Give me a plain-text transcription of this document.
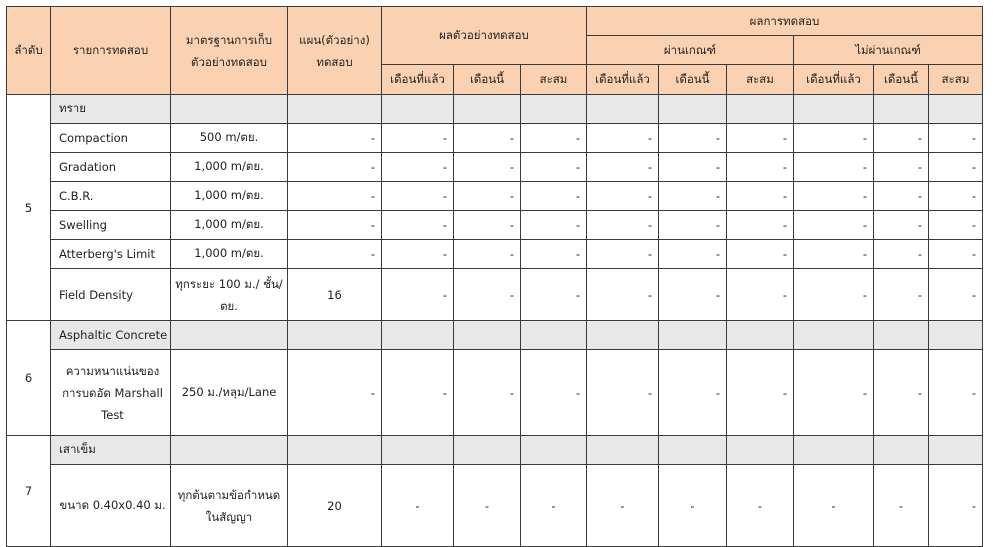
ลำดับ	รายการทดสอบ	มาตรฐานการเก็บตัวอย่างทดสอบ	แผน(ตัวอย่าง) ทดสอบ	ผลตัวอย่างทดสอบ			ผลการทดสอบ					
							ผ่านเกณฑ์			ไม่ผ่านเกณฑ์		
				เดือนที่แล้ว	เดือนนี้	สะสม	เดือนที่แล้ว	เดือนนี้	สะสม	เดือนที่แล้ว	เดือนนี้	สะสม
5	ทราย											
	Compaction	500 m/ตย.	-	-	-	-	-	-	-	-	-	-
	Gradation	1,000 m/ตย.	-	-	-	-	-	-	-	-	-	-
	C.B.R.	1,000 m/ตย.	-	-	-	-	-	-	-	-	-	-
	Swelling	1,000 m/ตย.	-	-	-	-	-	-	-	-	-	-
	Atterberg's Limit	1,000 m/ตย.	-	-	-	-	-	-	-	-	-	-
	Field Density	ทุกระยะ 100 ม./ ชั้น/ตย.	16	-	-	-	-	-	-	-	-	-
6	Asphaltic Concrete											
	ความหนาแน่นของการบดอัด Marshall Test	250 ม./หลุม/Lane	-	-	-	-	-	-	-	-	-	-
7	เสาเข็ม											
	ขนาด 0.40x0.40 ม.	ทุกต้นตามข้อกำหนดในสัญญา	20	-	-	-	-	-	-	-	-	-
